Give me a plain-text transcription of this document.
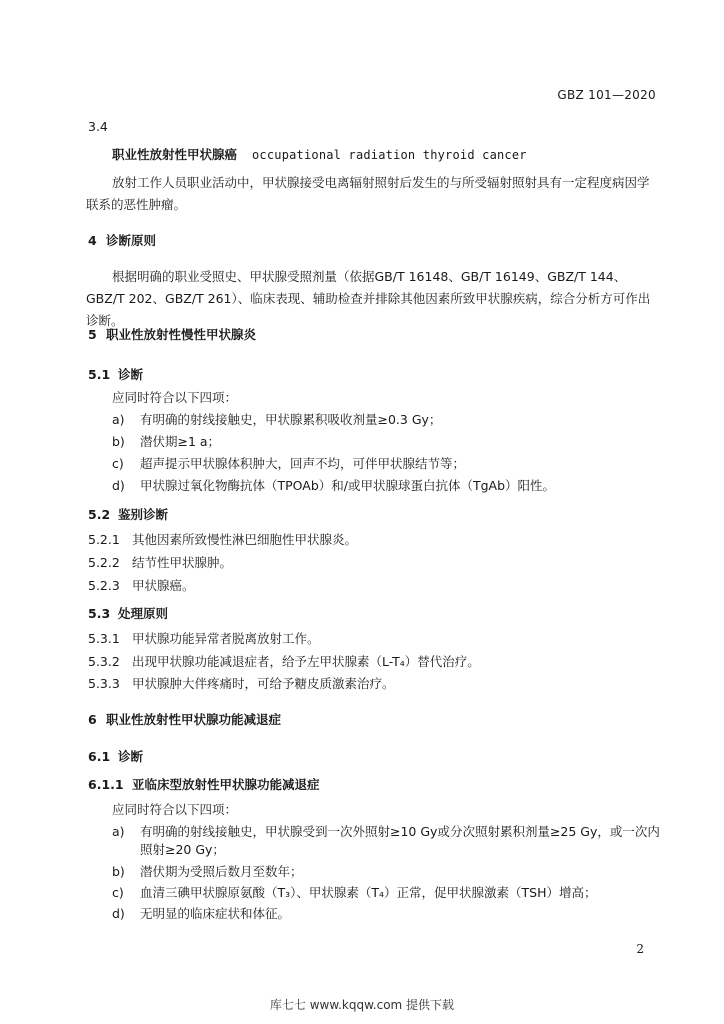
GBZ 101—2020
3.4
职业性放射性甲状腺癌 occupational radiation thyroid cancer
放射工作人员职业活动中，甲状腺接受电离辐射照射后发生的与所受辐射照射具有一定程度病因学联系的恶性肿瘤。
4 诊断原则
根据明确的职业受照史、甲状腺受照剂量（依据GB/T 16148、GB/T 16149、GBZ/T 144、GBZ/T 202、GBZ/T 261）、临床表现、辅助检查并排除其他因素所致甲状腺疾病，综合分析方可作出诊断。
5 职业性放射性慢性甲状腺炎
5.1 诊断
应同时符合以下四项：
a) 有明确的射线接触史，甲状腺累积吸收剂量≥0.3 Gy；
b) 潜伏期≥1 a；
c) 超声提示甲状腺体积肿大，回声不均，可伴甲状腺结节等；
d) 甲状腺过氧化物酶抗体（TPOAb）和/或甲状腺球蛋白抗体（TgAb）阳性。
5.2 鉴别诊断
5.2.1 其他因素所致慢性淋巴细胞性甲状腺炎。
5.2.2 结节性甲状腺肿。
5.2.3 甲状腺癌。
5.3 处理原则
5.3.1 甲状腺功能异常者脱离放射工作。
5.3.2 出现甲状腺功能减退症者，给予左甲状腺素（L-T₄）替代治疗。
5.3.3 甲状腺肿大伴疼痛时，可给予糖皮质激素治疗。
6 职业性放射性甲状腺功能减退症
6.1 诊断
6.1.1 亚临床型放射性甲状腺功能减退症
应同时符合以下四项：
a) 有明确的射线接触史，甲状腺受到一次外照射≥10 Gy或分次照射累积剂量≥25 Gy，或一次内
照射≥20 Gy；
b) 潜伏期为受照后数月至数年；
c) 血清三碘甲状腺原氨酸（T₃）、甲状腺素（T₄）正常，促甲状腺激素（TSH）增高；
d) 无明显的临床症状和体征。
2
库七七 www.kqqw.com 提供下载
